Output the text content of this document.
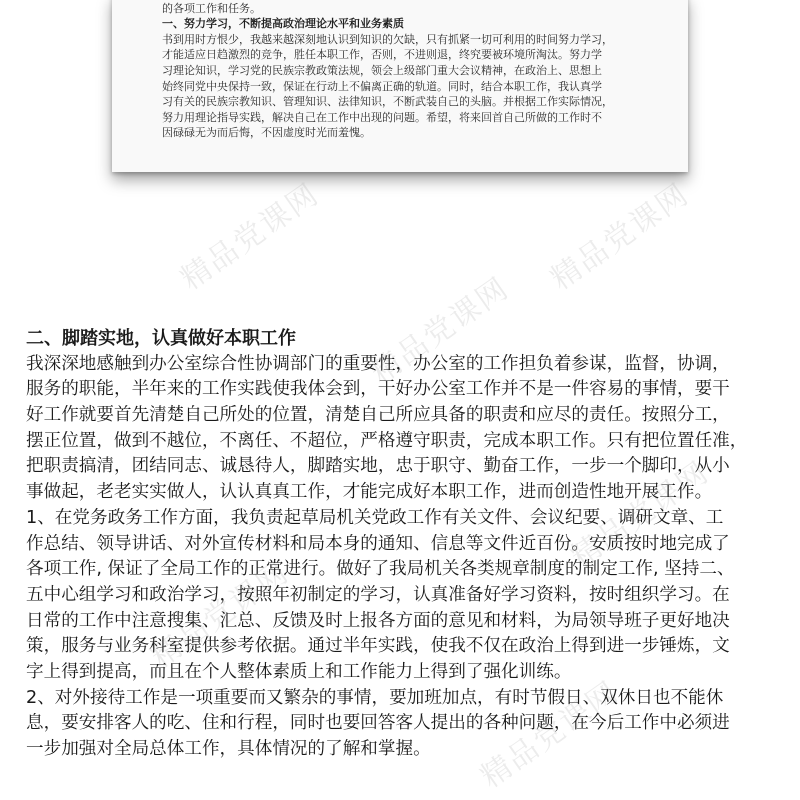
的各项工作和任务。
一、努力学习，不断提高政治理论水平和业务素质
书到用时方恨少，我越来越深刻地认识到知识的欠缺，只有抓紧一切可利用的时间努力学习，
才能适应日趋激烈的竞争，胜任本职工作，否则，不进则退，终究要被环境所淘汰。努力学
习理论知识，学习党的民族宗教政策法规，领会上级部门重大会议精神，在政治上、思想上
始终同党中央保持一致，保证在行动上不偏离正确的轨道。同时，结合本职工作，我认真学
习有关的民族宗教知识、管理知识、法律知识，不断武装自己的头脑。并根据工作实际情况，
努力用理论指导实践，解决自己在工作中出现的问题。希望，将来回首自己所做的工作时不
因碌碌无为而后悔，不因虚度时光而羞愧。
精品党课网	精品党课网
精品党课网
精品党课网
精品党课网
精品党课网
二、脚踏实地，认真做好本职工作
我深深地感触到办公室综合性协调部门的重要性，办公室的工作担负着参谋，监督，协调，
服务的职能，半年来的工作实践使我体会到，干好办公室工作并不是一件容易的事情，要干
好工作就要首先清楚自己所处的位置，清楚自己所应具备的职责和应尽的责任。按照分工，
摆正位置，做到不越位，不离任、不超位，严格遵守职责，完成本职工作。只有把位置任准，
把职责搞清，团结同志、诚恳待人，脚踏实地，忠于职守、勤奋工作，一步一个脚印，从小
事做起，老老实实做人，认认真真工作，才能完成好本职工作，进而创造性地开展工作。
1、在党务政务工作方面，我负责起草局机关党政工作有关文件、会议纪要、调研文章、工
作总结、领导讲话、对外宣传材料和局本身的通知、信息等文件近百份。安质按时地完成了
各项工作, 保证了全局工作的正常进行。做好了我局机关各类规章制度的制定工作, 坚持二、
五中心组学习和政治学习，按照年初制定的学习，认真准备好学习资料，按时组织学习。在
日常的工作中注意搜集、汇总、反馈及时上报各方面的意见和材料，为局领导班子更好地决
策，服务与业务科室提供参考依据。通过半年实践，使我不仅在政治上得到进一步锤炼，文
字上得到提高，而且在个人整体素质上和工作能力上得到了强化训练。
2、对外接待工作是一项重要而又繁杂的事情，要加班加点，有时节假日、双休日也不能休
息，要安排客人的吃、住和行程，同时也要回答客人提出的各种问题，在今后工作中必须进
一步加强对全局总体工作，具体情况的了解和掌握。
